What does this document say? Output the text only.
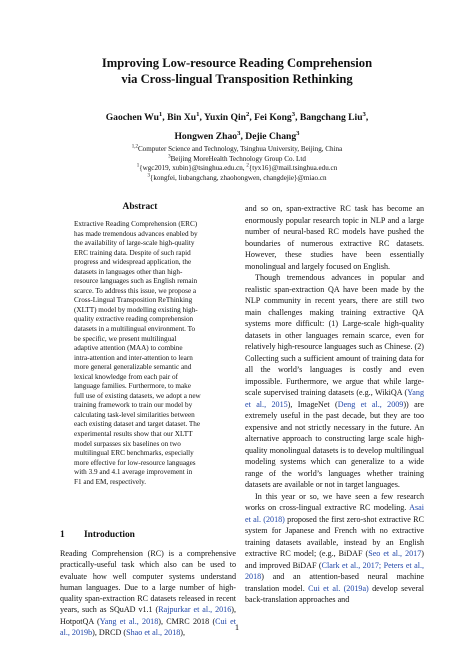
Improving Low-resource Reading Comprehension
via Cross-lingual Transposition Rethinking
Gaochen Wu$^1$, Bin Xu$^1$, Yuxin Qin$^2$, Fei Kong$^3$, Bangchang Liu$^3$,
Hongwen Zhao$^3$, Dejie Chang$^3$
$^{1,2}$Computer Science and Technology, Tsinghua University, Beijing, China
$^3$Beijing MoreHealth Technology Group Co. Ltd
$^1${wgc2019, xubin}@tsinghua.edu.cn, $^2${tyx16}@mail.tsinghua.edu.cn
$^3${kongfei, liubangchang, zhaohongwen, changdejie}@miao.cn
Abstract
Extractive Reading Comprehension (ERC)
has made tremendous advances enabled by
the availability of large-scale high-quality
ERC training data. Despite of such rapid
progress and widespread application, the
datasets in languages other than high-
resource languages such as English remain
scarce. To address this issue, we propose a
Cross-Lingual Transposition ReThinking
(XLTT) model by modelling existing high-
quality extractive reading comprehension
datasets in a multilingual environment. To
be specific, we present multilingual
adaptive attention (MAA) to combine
intra-attention and inter-attention to learn
more general generalizable semantic and
lexical knowledge from each pair of
language families. Furthermore, to make
full use of existing datasets, we adopt a new
training framework to train our model by
calculating task-level similarities between
each existing dataset and target dataset. The
experimental results show that our XLTT
model surpasses six baselines on two
multilingual ERC benchmarks, especially
more effective for low-resource languages
with 3.9 and 4.1 average improvement in
F1 and EM, respectively.
1 Introduction
Reading Comprehension (RC) is a comprehensive practically-useful task which also can be used to evaluate how well computer systems understand human languages. Due to a large number of high-quality span-extraction RC datasets released in recent years, such as SQuAD v1.1 (Rajpurkar et al., 2016), HotpotQA (Yang et al., 2018), CMRC 2018 (Cui et al., 2019b), DRCD (Shao et al., 2018),

and so on, span-extractive RC task has become an enormously popular research topic in NLP and a large number of neural-based RC models have pushed the boundaries of numerous extractive RC datasets. However, these studies have been essentially monolingual and largely focused on English.

Though tremendous advances in popular and realistic span-extraction QA have been made by the NLP community in recent years, there are still two main challenges making training extractive QA systems more difficult: (1) Large-scale high-quality datasets in other languages remain scarce, even for relatively high-resource languages such as Chinese. (2) Collecting such a sufficient amount of training data for all the world’s languages is costly and even impossible. Furthermore, we argue that while large-scale supervised training datasets (e.g., WikiQA (Yang et al., 2015), ImageNet (Deng et al., 2009)) are extremely useful in the past decade, but they are too expensive and not strictly necessary in the future. An alternative approach to constructing large scale high-quality monolingual datasets is to develop multilingual modeling systems which can generalize to a wide range of the world’s languages whether training datasets are available or not in target languages.

In this year or so, we have seen a few research works on cross-lingual extractive RC modeling. Asai et al. (2018) proposed the first zero-shot extractive RC system for Japanese and French with no extractive training datasets available, instead by an English extractive RC model; (e.g., BiDAF (Seo et al., 2017) and improved BiDAF (Clark et al., 2017; Peters et al., 2018) and an attention-based neural machine translation model. Cui et al. (2019a) develop several back-translation approaches and

1
